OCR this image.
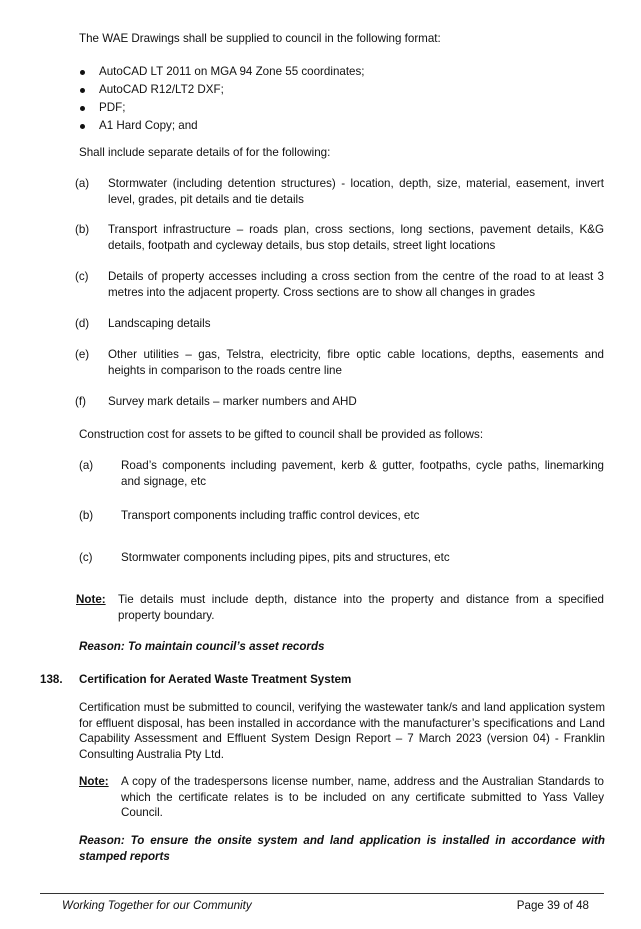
The WAE Drawings shall be supplied to council in the following format:
AutoCAD LT 2011 on MGA 94 Zone 55 coordinates;
AutoCAD R12/LT2 DXF;
PDF;
A1 Hard Copy; and
Shall include separate details of for the following:
(a) Stormwater (including detention structures) - location, depth, size, material, easement, invert level, grades, pit details and tie details
(b) Transport infrastructure – roads plan, cross sections, long sections, pavement details, K&G details, footpath and cycleway details, bus stop details, street light locations
(c) Details of property accesses including a cross section from the centre of the road to at least 3 metres into the adjacent property. Cross sections are to show all changes in grades
(d) Landscaping details
(e) Other utilities – gas, Telstra, electricity, fibre optic cable locations, depths, easements and heights in comparison to the roads centre line
(f) Survey mark details – marker numbers and AHD
Construction cost for assets to be gifted to council shall be provided as follows:
(a) Road’s components including pavement, kerb & gutter, footpaths, cycle paths, linemarking and signage, etc
(b) Transport components including traffic control devices, etc
(c) Stormwater components including pipes, pits and structures, etc
Note: Tie details must include depth, distance into the property and distance from a specified property boundary.
Reason: To maintain council’s asset records
138. Certification for Aerated Waste Treatment System
Certification must be submitted to council, verifying the wastewater tank/s and land application system for effluent disposal, has been installed in accordance with the manufacturer’s specifications and Land Capability Assessment and Effluent System Design Report – 7 March 2023 (version 04) - Franklin Consulting Australia Pty Ltd.
Note: A copy of the tradespersons license number, name, address and the Australian Standards to which the certificate relates is to be included on any certificate submitted to Yass Valley Council.
Reason: To ensure the onsite system and land application is installed in accordance with stamped reports
Working Together for our Community	Page 39 of 48
